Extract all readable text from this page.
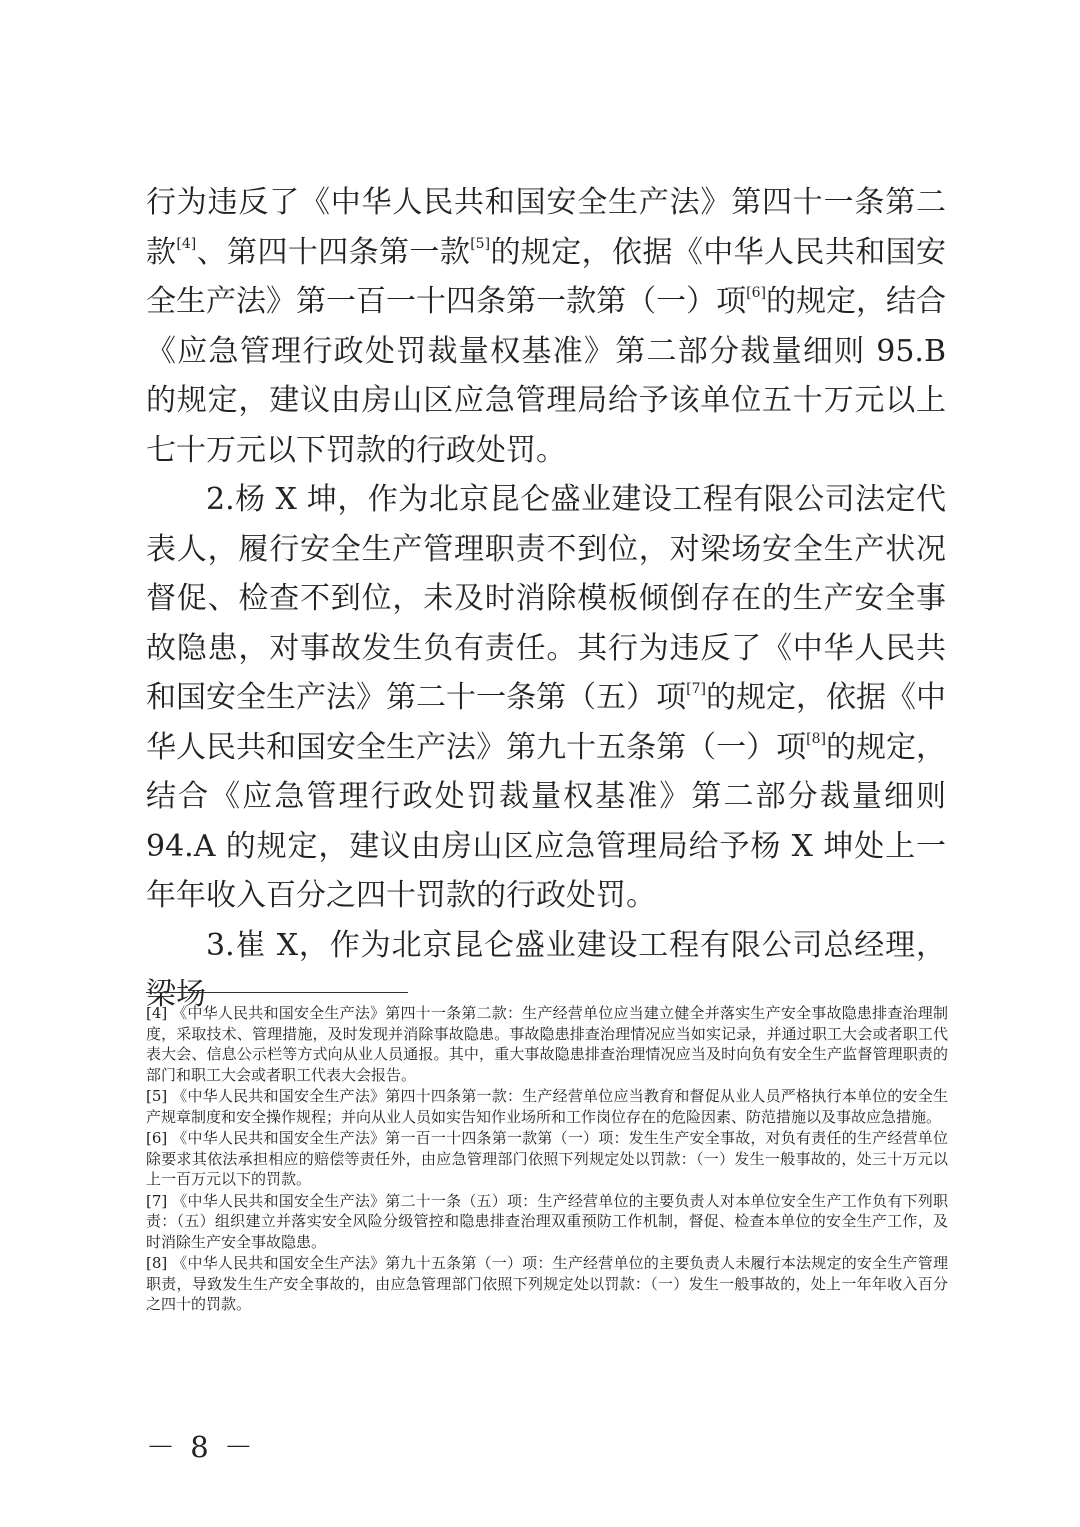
行为违反了《中华人民共和国安全生产法》第四十一条第二款[4]、第四十四条第一款[5]的规定，依据《中华人民共和国安全生产法》第一百一十四条第一款第（一）项[6]的规定，结合《应急管理行政处罚裁量权基准》第二部分裁量细则 95.B 的规定，建议由房山区应急管理局给予该单位五十万元以上七十万元以下罚款的行政处罚。

2.杨 X 坤，作为北京昆仑盛业建设工程有限公司法定代表人，履行安全生产管理职责不到位，对梁场安全生产状况督促、检查不到位，未及时消除模板倾倒存在的生产安全事故隐患，对事故发生负有责任。其行为违反了《中华人民共和国安全生产法》第二十一条第（五）项[7]的规定，依据《中华人民共和国安全生产法》第九十五条第（一）项[8]的规定，结合《应急管理行政处罚裁量权基准》第二部分裁量细则 94.A 的规定，建议由房山区应急管理局给予杨 X 坤处上一年年收入百分之四十罚款的行政处罚。

3.崔 X，作为北京昆仑盛业建设工程有限公司总经理，梁场

[4] 《中华人民共和国安全生产法》第四十一条第二款：生产经营单位应当建立健全并落实生产安全事故隐患排查治理制度，采取技术、管理措施，及时发现并消除事故隐患。事故隐患排查治理情况应当如实记录，并通过职工大会或者职工代表大会、信息公示栏等方式向从业人员通报。其中，重大事故隐患排查治理情况应当及时向负有安全生产监督管理职责的部门和职工大会或者职工代表大会报告。

[5] 《中华人民共和国安全生产法》第四十四条第一款：生产经营单位应当教育和督促从业人员严格执行本单位的安全生产规章制度和安全操作规程；并向从业人员如实告知作业场所和工作岗位存在的危险因素、防范措施以及事故应急措施。

[6] 《中华人民共和国安全生产法》第一百一十四条第一款第（一）项：发生生产安全事故，对负有责任的生产经营单位除要求其依法承担相应的赔偿等责任外，由应急管理部门依照下列规定处以罚款：（一）发生一般事故的，处三十万元以上一百万元以下的罚款。

[7] 《中华人民共和国安全生产法》第二十一条（五）项：生产经营单位的主要负责人对本单位安全生产工作负有下列职责：（五）组织建立并落实安全风险分级管控和隐患排查治理双重预防工作机制，督促、检查本单位的安全生产工作，及时消除生产安全事故隐患。

[8] 《中华人民共和国安全生产法》第九十五条第（一）项：生产经营单位的主要负责人未履行本法规定的安全生产管理职责，导致发生生产安全事故的，由应急管理部门依照下列规定处以罚款：（一）发生一般事故的，处上一年年收入百分之四十的罚款。

－ 8 －
